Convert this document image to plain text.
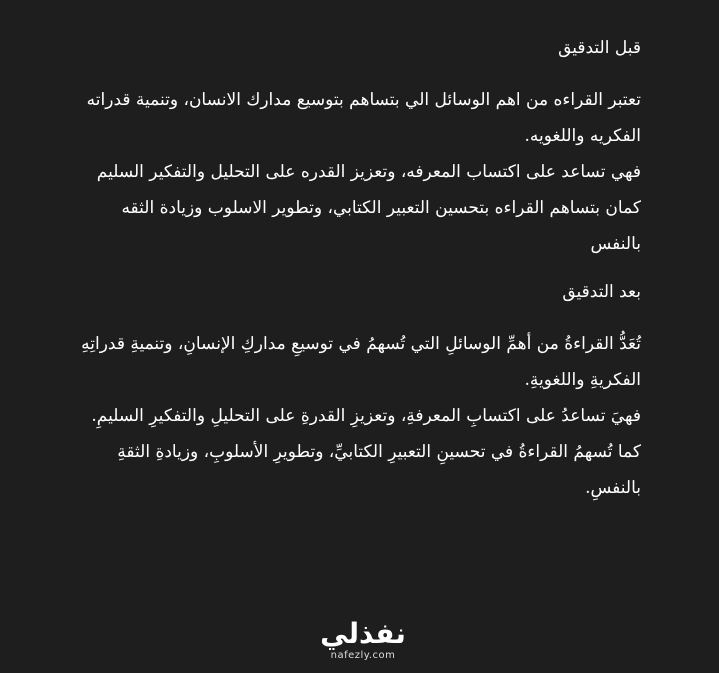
قبل التدقيق

تعتبر القراءه من اهم الوسائل الي بتساهم بتوسيع مدارك الانسان، وتنمية قدراته الفكريه واللغويه.

فهي تساعد على اكتساب المعرفه، وتعزيز القدره على التحليل والتفكير السليم

كمان بتساهم القراءه بتحسين التعبير الكتابي، وتطوير الاسلوب وزيادة الثقه بالنفس

بعد التدقيق

تُعَدُّ القراءةُ من أهمِّ الوسائلِ التي تُسهمُ في توسيعِ مداركِ الإنسانِ، وتنميةِ قدراتِهِ الفكريةِ واللغويةِ.

فهيَ تساعدُ على اكتسابِ المعرفةِ، وتعزيزِ القدرةِ على التحليلِ والتفكيرِ السليمِ.

كما تُسهمُ القراءةُ في تحسينِ التعبيرِ الكتابيِّ، وتطويرِ الأسلوبِ، وزيادةِ الثقةِ بالنفسِ.

نفذلي
nafezly.com
